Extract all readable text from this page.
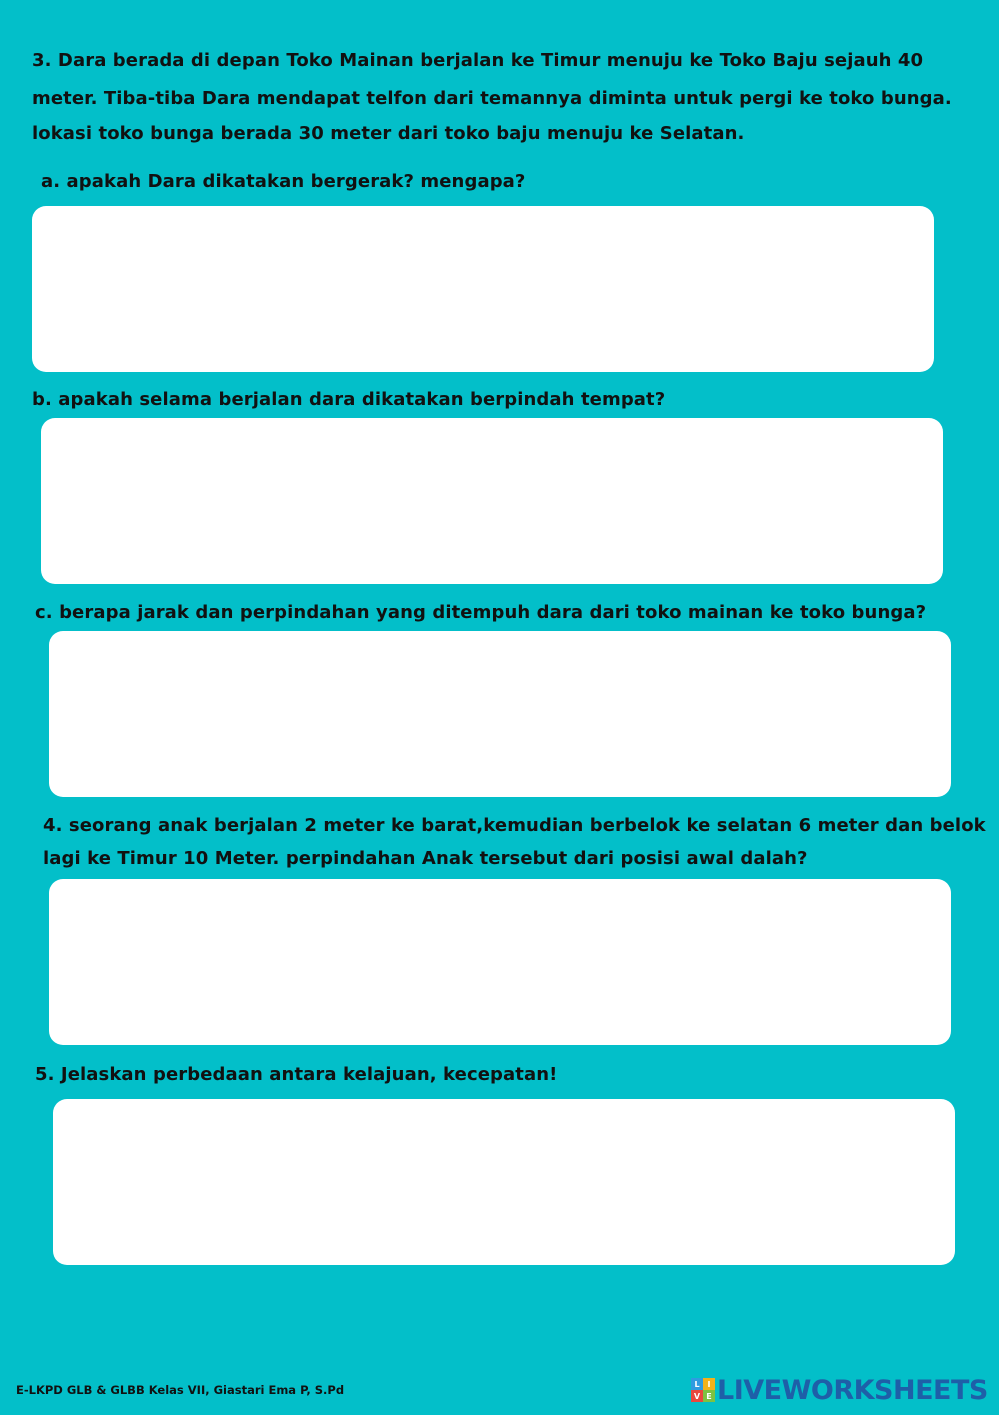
3. Dara berada di depan Toko Mainan berjalan ke Timur menuju ke Toko Baju sejauh 40
meter. Tiba-tiba Dara mendapat telfon dari temannya diminta untuk pergi ke toko bunga.
lokasi toko bunga berada 30 meter dari toko baju menuju ke Selatan.
a. apakah Dara dikatakan bergerak? mengapa?
b. apakah selama berjalan dara dikatakan berpindah tempat?
c. berapa jarak dan perpindahan yang ditempuh dara dari toko mainan ke toko bunga?
4. seorang anak berjalan 2 meter ke barat,kemudian berbelok ke selatan 6 meter dan belok
lagi ke Timur 10 Meter. perpindahan Anak tersebut dari posisi awal dalah?
5. Jelaskan perbedaan antara kelajuan, kecepatan!
E-LKPD GLB & GLBB Kelas VII, Giastari Ema P, S.Pd	L I
V E LIVEWORKSHEETS
